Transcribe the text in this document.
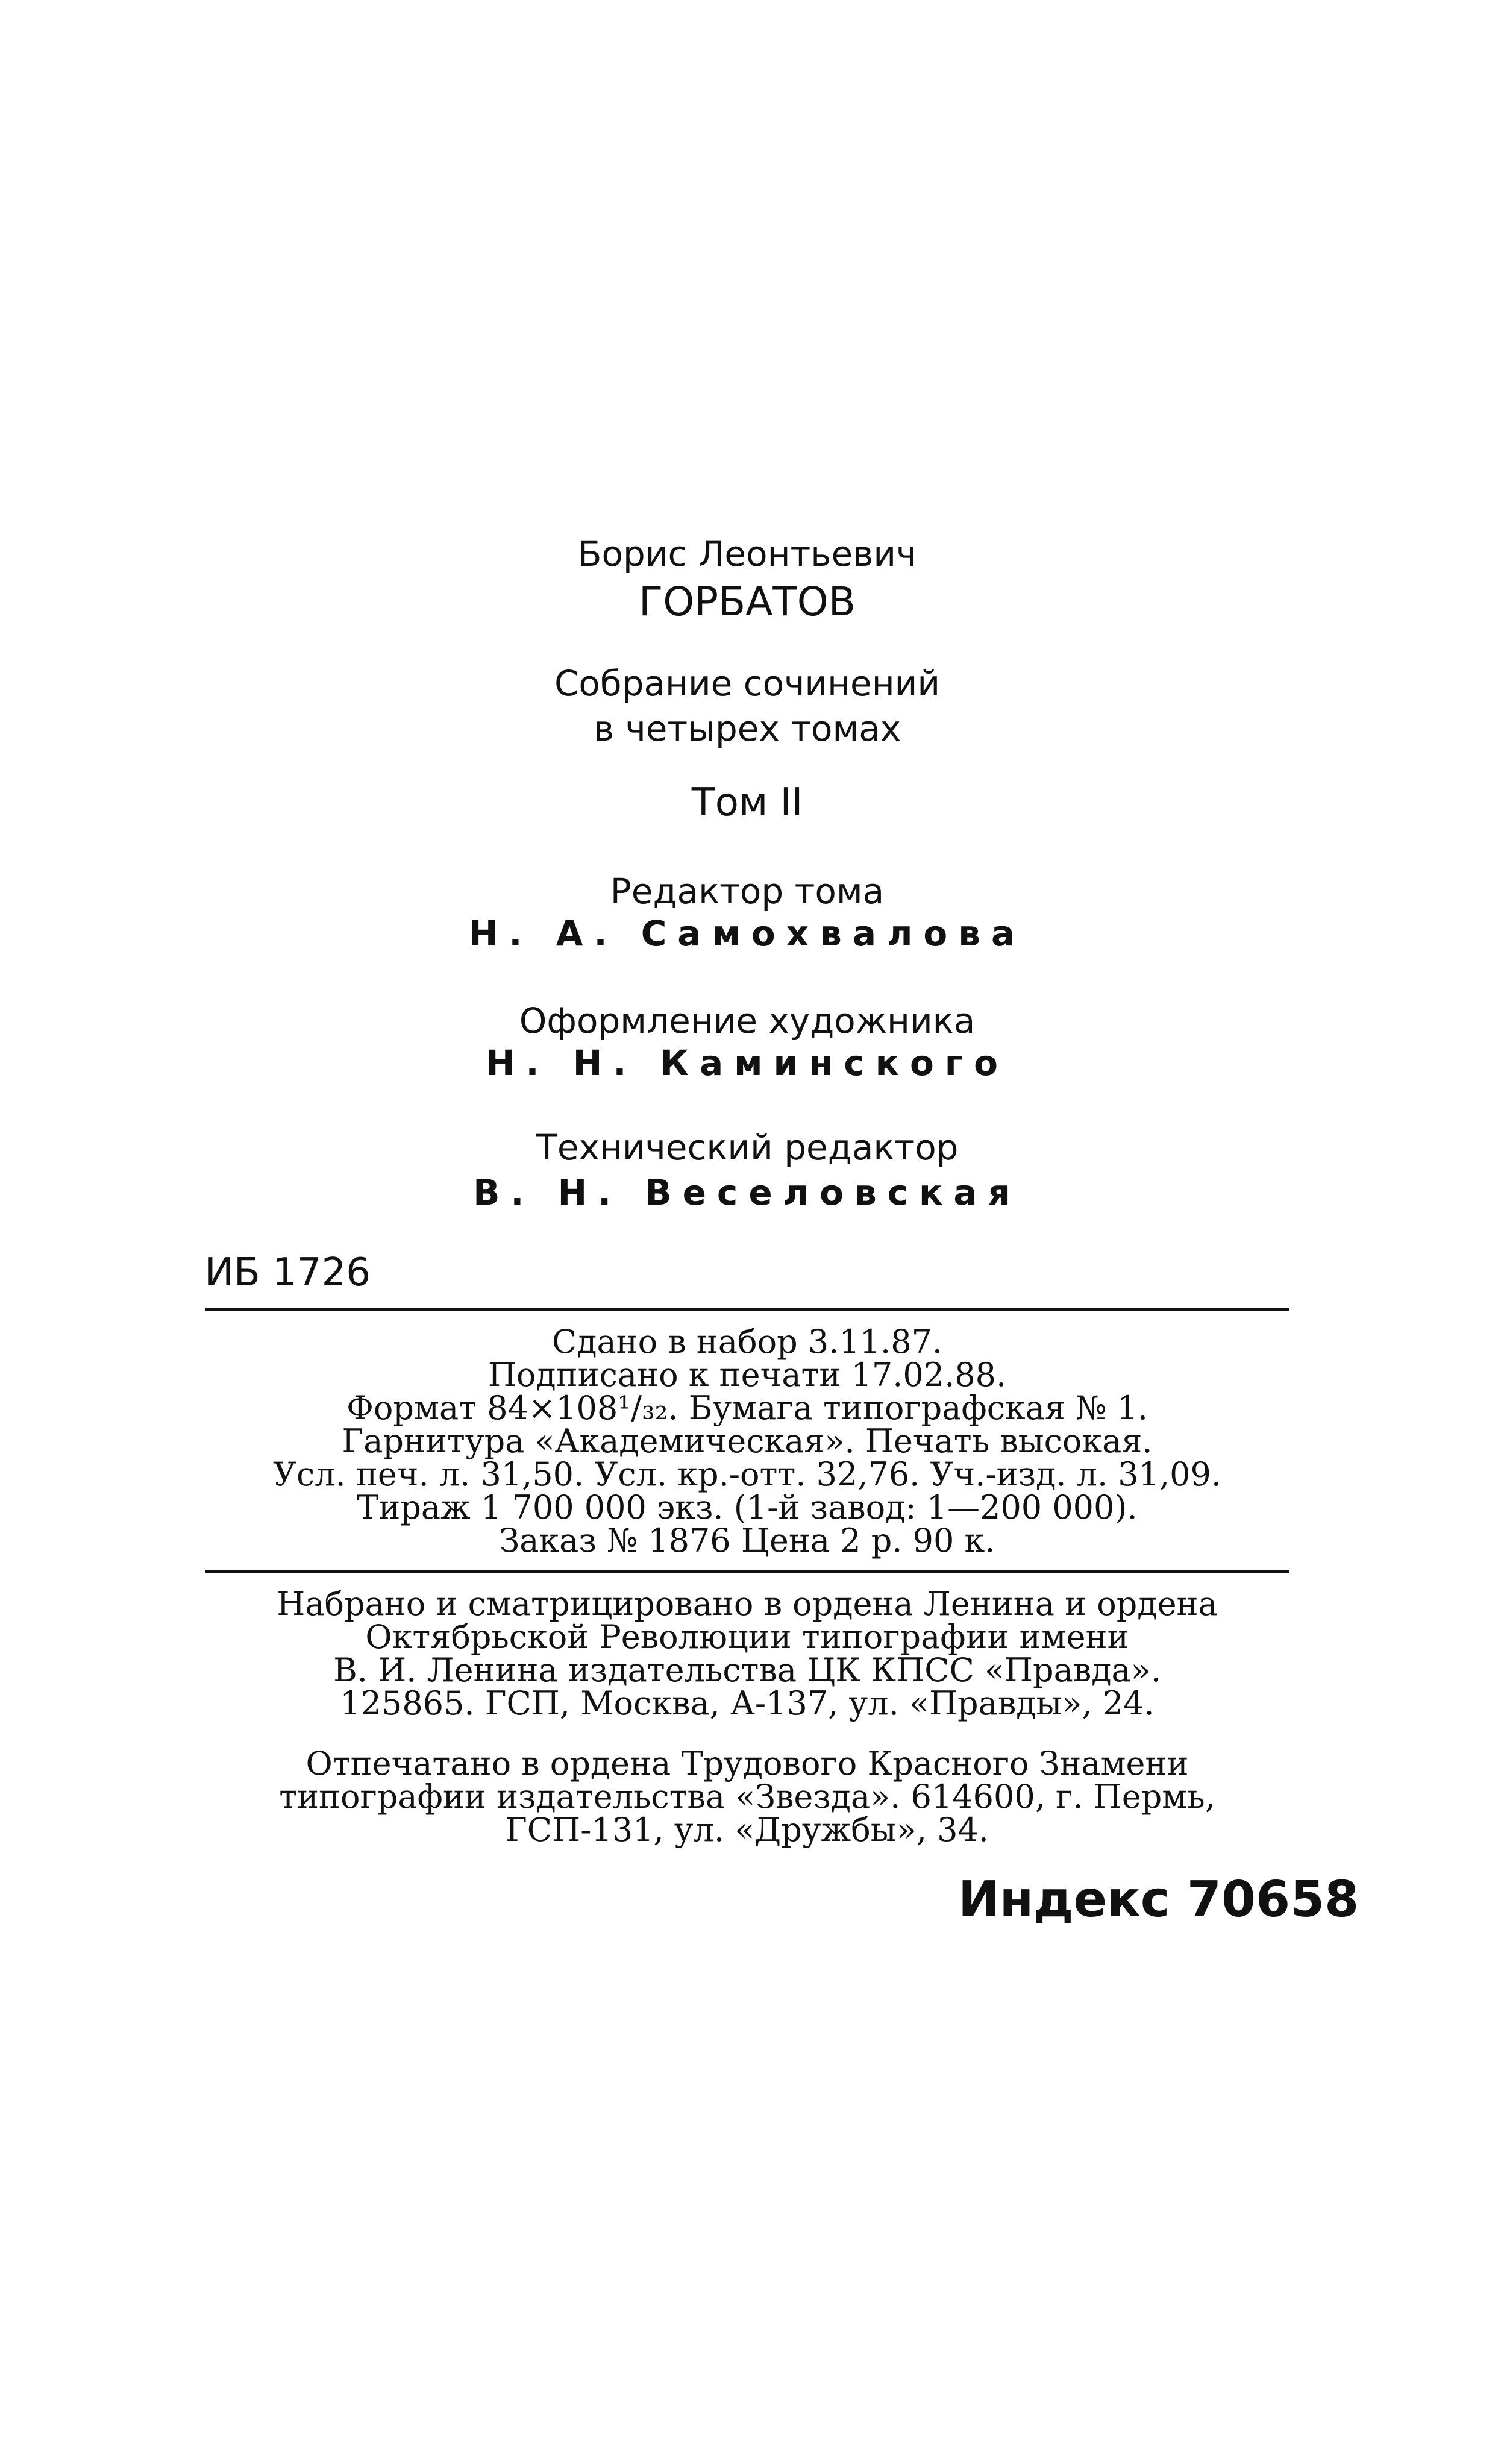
Борис Леонтьевич
ГОРБАТОВ
Собрание сочинений
в четырех томах
Том II
Редактор тома
Н. А. Самохвалова
Оформление художника
Н. Н. Каминского
Технический редактор
В. Н. Веселовская
ИБ 1726
Сдано в набор 3.11.87.
Подписано к печати 17.02.88.
Формат 84×108¹/₃₂. Бумага типографская № 1.
Гарнитура «Академическая». Печать высокая.
Усл. печ. л. 31,50. Усл. кр.-отт. 32,76. Уч.-изд. л. 31,09.
Тираж 1 700 000 экз. (1-й завод: 1—200 000).
Заказ № 1876 Цена 2 р. 90 к.
Набрано и сматрицировано в ордена Ленина и ордена
Октябрьской Революции типографии имени
В. И. Ленина издательства ЦК КПСС «Правда».
125865. ГСП, Москва, А-137, ул. «Правды», 24.
Отпечатано в ордена Трудового Красного Знамени
типографии издательства «Звезда». 614600, г. Пермь,
ГСП-131, ул. «Дружбы», 34.
Индекс 70658
